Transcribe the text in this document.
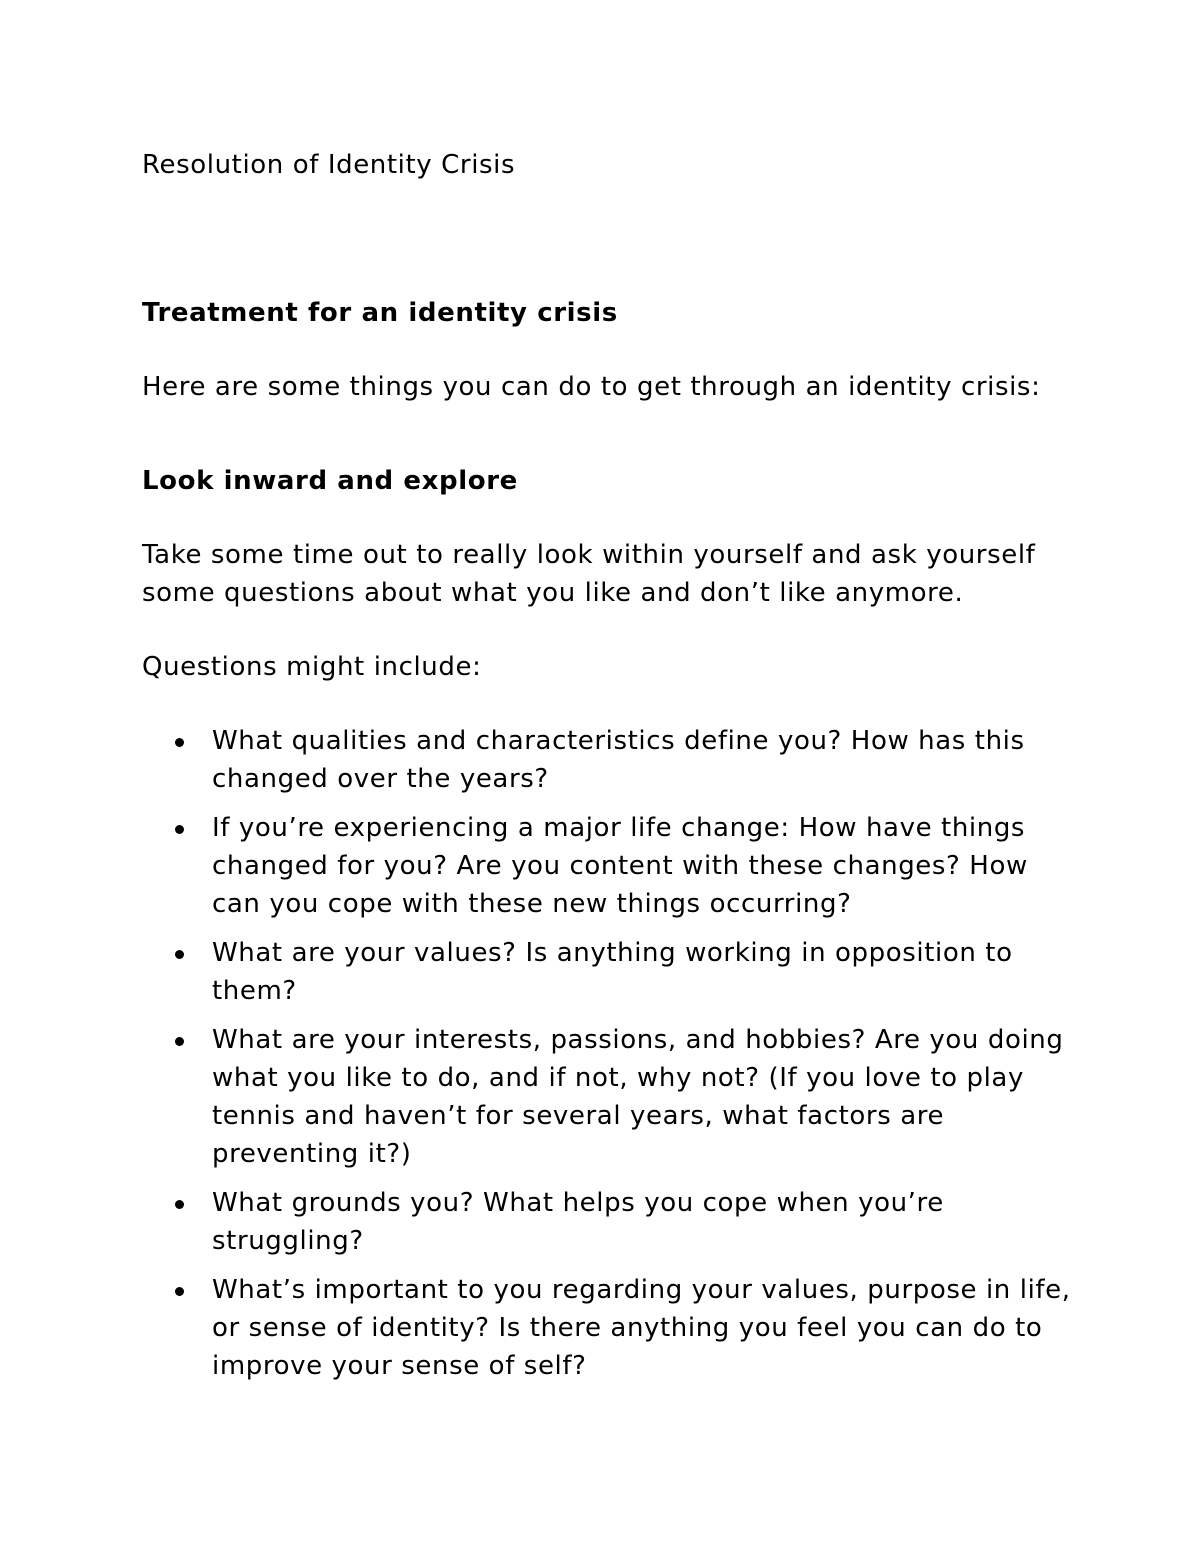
Resolution of Identity Crisis

Treatment for an identity crisis

Here are some things you can do to get through an identity crisis:

Look inward and explore

Take some time out to really look within yourself and ask yourself some questions about what you like and don’t like anymore.

Questions might include:

What qualities and characteristics define you? How has this changed over the years?
If you’re experiencing a major life change: How have things changed for you? Are you content with these changes? How can you cope with these new things occurring?
What are your values? Is anything working in opposition to them?
What are your interests, passions, and hobbies? Are you doing what you like to do, and if not, why not? (If you love to play tennis and haven’t for several years, what factors are preventing it?)
What grounds you? What helps you cope when you’re struggling?
What’s important to you regarding your values, purpose in life, or sense of identity? Is there anything you feel you can do to improve your sense of self?
